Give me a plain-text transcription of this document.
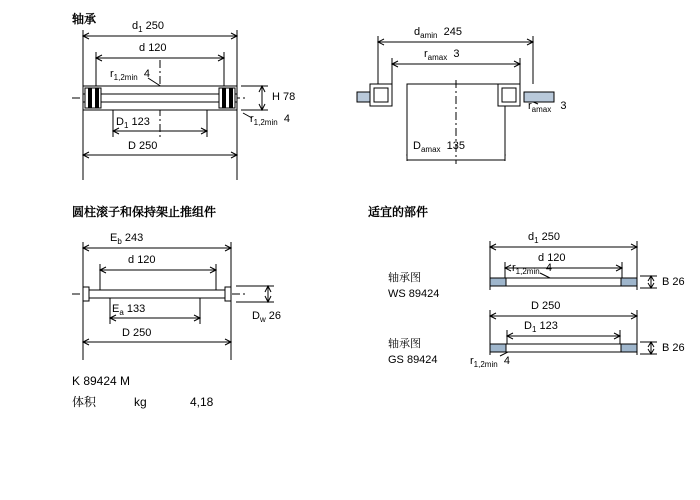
轴承
圆柱滚子和保持架止推组件	适宜的部件
$d_1$ 250
d 120
$r_{1,2min}$ 4
H 78
$r_{1,2min}$ 4
$D_1$ 123
D 250
$d_{amin}$ 245
$r_{amax}$ 3
$r_{amax}$ 3
$D_{amax}$ 135
$E_b$ 243
d 120
$D_w$ 26
$E_a$ 133
D 250
K 89424 M
体积	kg	4,18
$d_1$ 250
d 120
$r_{1,2min}$ 4
B 26
轴承图
WS 89424
D 250
$D_1$ 123
B 26
$r_{1,2min}$ 4
轴承图
GS 89424
